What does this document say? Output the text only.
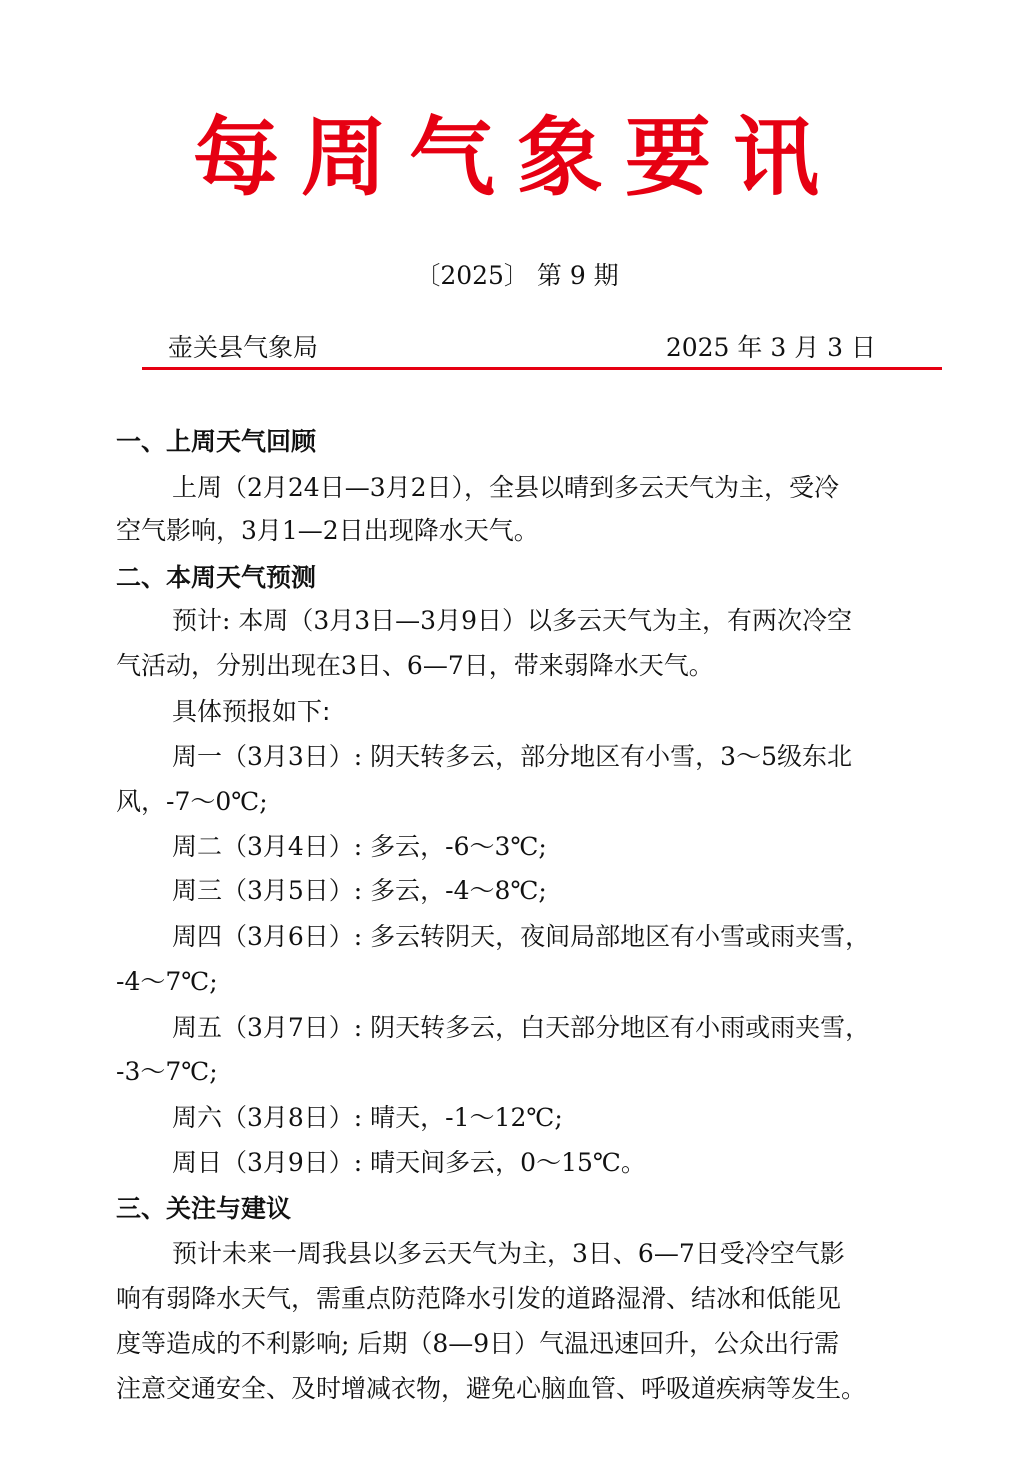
每周气象要讯
〔2025〕 第 9 期
壶关县气象局	2025 年 3 月 3 日
一、上周天气回顾
上周（2月24日—3月2日），全县以晴到多云天气为主，受冷
空气影响，3月1—2日出现降水天气。
二、本周天气预测
预计: 本周（3月3日—3月9日）以多云天气为主，有两次冷空
气活动，分别出现在3日、6—7日，带来弱降水天气。
具体预报如下:
周一（3月3日）: 阴天转多云，部分地区有小雪，3～5级东北
风，-7～0℃;
周二（3月4日）: 多云，-6～3℃;
周三（3月5日）: 多云，-4～8℃;
周四（3月6日）: 多云转阴天，夜间局部地区有小雪或雨夹雪，
-4～7℃;
周五（3月7日）: 阴天转多云，白天部分地区有小雨或雨夹雪，
-3～7℃;
周六（3月8日）: 晴天，-1～12℃;
周日（3月9日）: 晴天间多云，0～15℃。
三、关注与建议
预计未来一周我县以多云天气为主，3日、6—7日受冷空气影
响有弱降水天气，需重点防范降水引发的道路湿滑、结冰和低能见
度等造成的不利影响; 后期（8—9日）气温迅速回升，公众出行需
注意交通安全、及时增减衣物，避免心脑血管、呼吸道疾病等发生。
